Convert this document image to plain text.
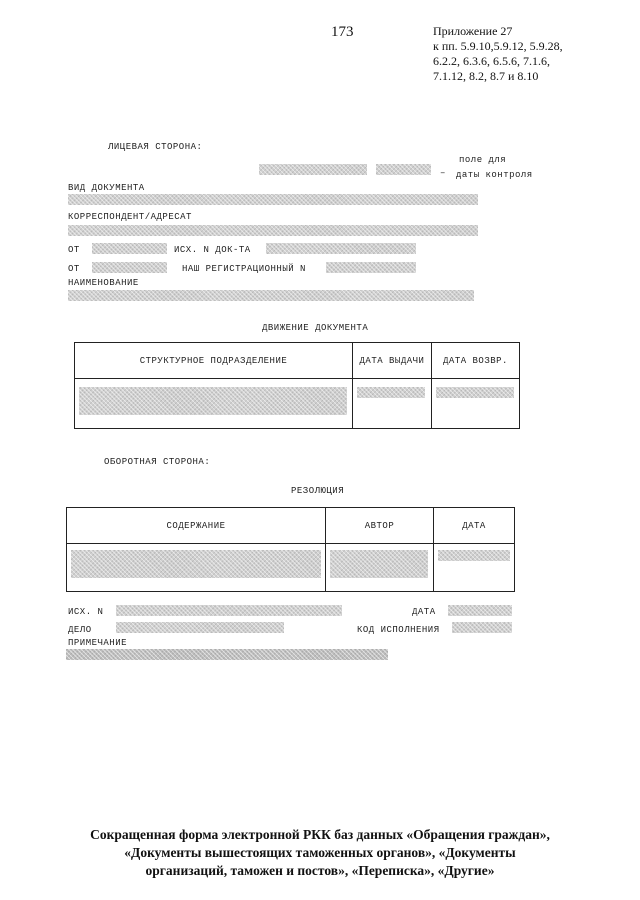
173	Приложение 27
к пп. 5.9.10,5.9.12, 5.9.28,
6.2.2, 6.3.6, 6.5.6, 7.1.6,
7.1.12, 8.2, 8.7 и 8.10
ЛИЦЕВАЯ СТОРОНА:
поле для
– даты контроля
ВИД ДОКУМЕНТА
КОРРЕСПОНДЕНТ/АДРЕСАТ
ОТ	ИСХ. N ДОК-ТА
ОТ	НАШ РЕГИСТРАЦИОННЫЙ N
НАИМЕНОВАНИЕ
ДВИЖЕНИЕ ДОКУМЕНТА
СТРУКТУРНОЕ ПОДРАЗДЕЛЕНИЕ	ДАТА ВЫДАЧИ	ДАТА ВОЗВР.

ОБОРОТНАЯ СТОРОНА:
РЕЗОЛЮЦИЯ
СОДЕРЖАНИЕ	АВТОР	ДАТА

ИСХ. N	ДАТА
ДЕЛО	КОД ИСПОЛНЕНИЯ
ПРИМЕЧАНИЕ
Сокращенная форма электронной РКК баз данных «Обращения граждан»,
«Документы вышестоящих таможенных органов», «Документы
организаций, таможен и постов», «Переписка», «Другие»
